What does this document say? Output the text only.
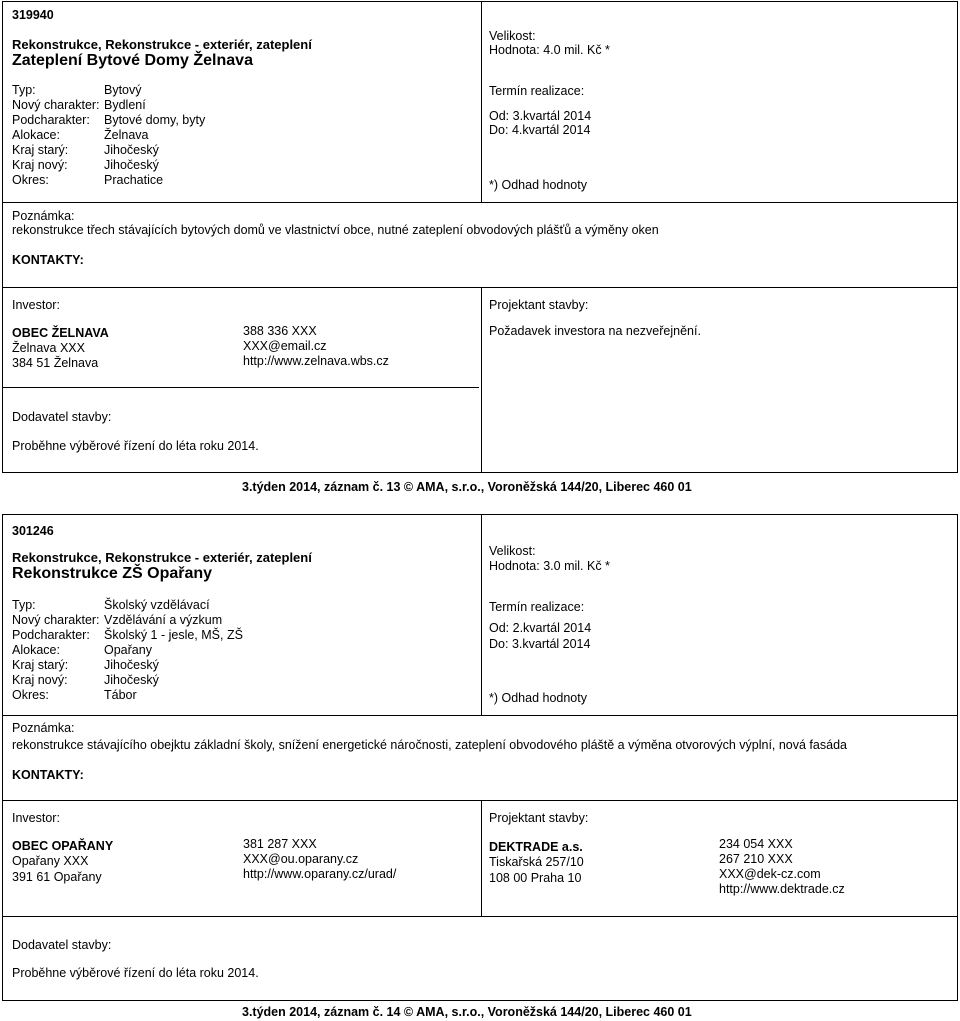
319940
Rekonstrukce, Rekonstrukce - exteriér, zateplení
Zateplení Bytové Domy Želnava
Typ:	Bytový
Nový charakter: Bydlení
Podcharakter:	Bytové domy, byty
Alokace:	Želnava
Kraj starý:	Jihočeský
Kraj nový:	Jihočeský
Okres:	Prachatice
Velikost:
Hodnota: 4.0 mil. Kč *
Termín realizace:
Od: 3.kvartál 2014
Do: 4.kvartál 2014
*) Odhad hodnoty
Poznámka:
rekonstrukce třech stávajících bytových domů ve vlastnictví obce, nutné zateplení obvodových plášťů a výměny oken
KONTAKTY:
Investor:
OBEC ŽELNAVA
Želnava XXX
384 51 Želnava
388 336 XXX
XXX@email.cz
http://www.zelnava.wbs.cz
Projektant stavby:
Požadavek investora na nezveřejnění.
Dodavatel stavby:
Proběhne výběrové řízení do léta roku 2014.
3.týden 2014, záznam č. 13 © AMA, s.r.o., Voroněžská 144/20, Liberec 460 01
301246
Rekonstrukce, Rekonstrukce - exteriér, zateplení
Rekonstrukce ZŠ Opařany
Typ:	Školský vzdělávací
Nový charakter: Vzdělávání a výzkum
Podcharakter:	Školský 1 - jesle, MŠ, ZŠ
Alokace:	Opařany
Kraj starý:	Jihočeský
Kraj nový:	Jihočeský
Okres:	Tábor
Velikost:
Hodnota: 3.0 mil. Kč *
Termín realizace:
Od: 2.kvartál 2014
Do: 3.kvartál 2014
*) Odhad hodnoty
Poznámka:
rekonstrukce stávajícího obejktu základní školy, snížení energetické náročnosti, zateplení obvodového pláště a výměna otvorových výplní, nová fasáda
KONTAKTY:
Investor:
OBEC OPAŘANY
Opařany XXX
391 61 Opařany
381 287 XXX
XXX@ou.oparany.cz
http://www.oparany.cz/urad/
Projektant stavby:
DEKTRADE a.s.
Tiskařská 257/10
108 00 Praha 10
234 054 XXX
267 210 XXX
XXX@dek-cz.com
http://www.dektrade.cz
Dodavatel stavby:
Proběhne výběrové řízení do léta roku 2014.
3.týden 2014, záznam č. 14 © AMA, s.r.o., Voroněžská 144/20, Liberec 460 01
